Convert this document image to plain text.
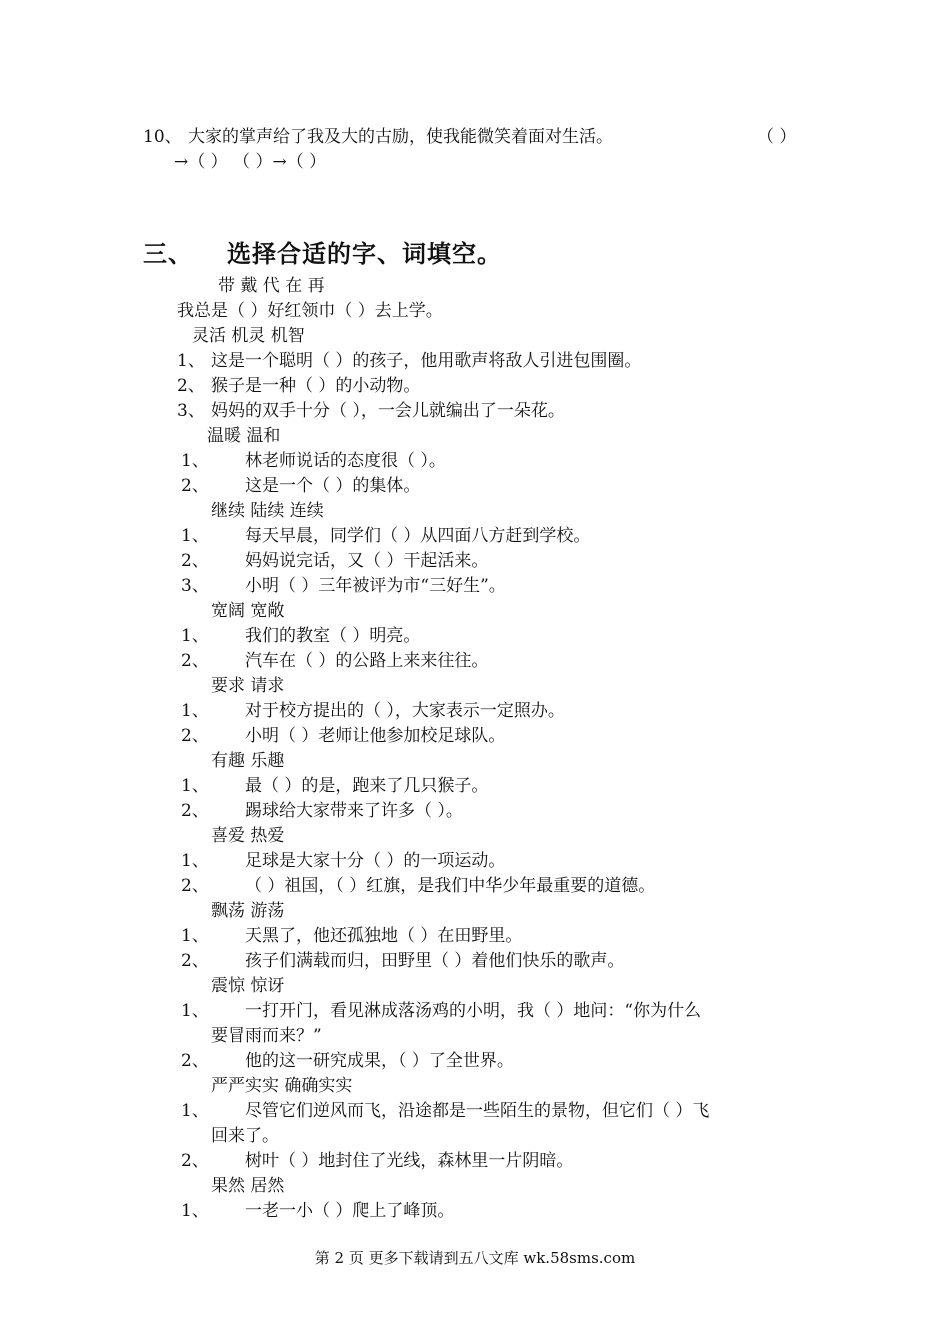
10、 大家的掌声给了我及大的古励，使我能微笑着面对生活。	（ ）
→（ ） （ ）→（ ）
三、 选择合适的字、词填空。
带 戴 代 在 再
我总是（ ）好红领巾（ ）去上学。
灵活 机灵 机智
1、 这是一个聪明（ ）的孩子，他用歌声将敌人引进包围圈。
2、 猴子是一种（ ）的小动物。
3、 妈妈的双手十分（ ），一会儿就编出了一朵花。
温暖 温和
1、 林老师说话的态度很（ ）。
2、 这是一个（ ）的集体。
继续 陆续 连续
1、 每天早晨，同学们（ ）从四面八方赶到学校。
2、 妈妈说完话，又（ ）干起活来。
3、 小明（ ）三年被评为市“三好生”。
宽阔 宽敞
1、 我们的教室（ ）明亮。
2、 汽车在（ ）的公路上来来往往。
要求 请求
1、 对于校方提出的（ ），大家表示一定照办。
2、 小明（ ）老师让他参加校足球队。
有趣 乐趣
1、 最（ ）的是，跑来了几只猴子。
2、 踢球给大家带来了许多（ ）。
喜爱 热爱
1、 足球是大家十分（ ）的一项运动。
2、 （ ）祖国，（ ）红旗，是我们中华少年最重要的道德。
飘荡 游荡
1、 天黑了，他还孤独地（ ）在田野里。
2、 孩子们满载而归，田野里（ ）着他们快乐的歌声。
震惊 惊讶
1、 一打开门，看见淋成落汤鸡的小明，我（ ）地问：“你为什么
要冒雨而来？”
2、 他的这一研究成果，（ ）了全世界。
严严实实 确确实实
1、 尽管它们逆风而飞，沿途都是一些陌生的景物，但它们（ ）飞
回来了。
2、 树叶（ ）地封住了光线，森林里一片阴暗。
果然 居然
1、 一老一小（ ）爬上了峰顶。
第 2 页 更多下载请到五八文库 wk.58sms.com
